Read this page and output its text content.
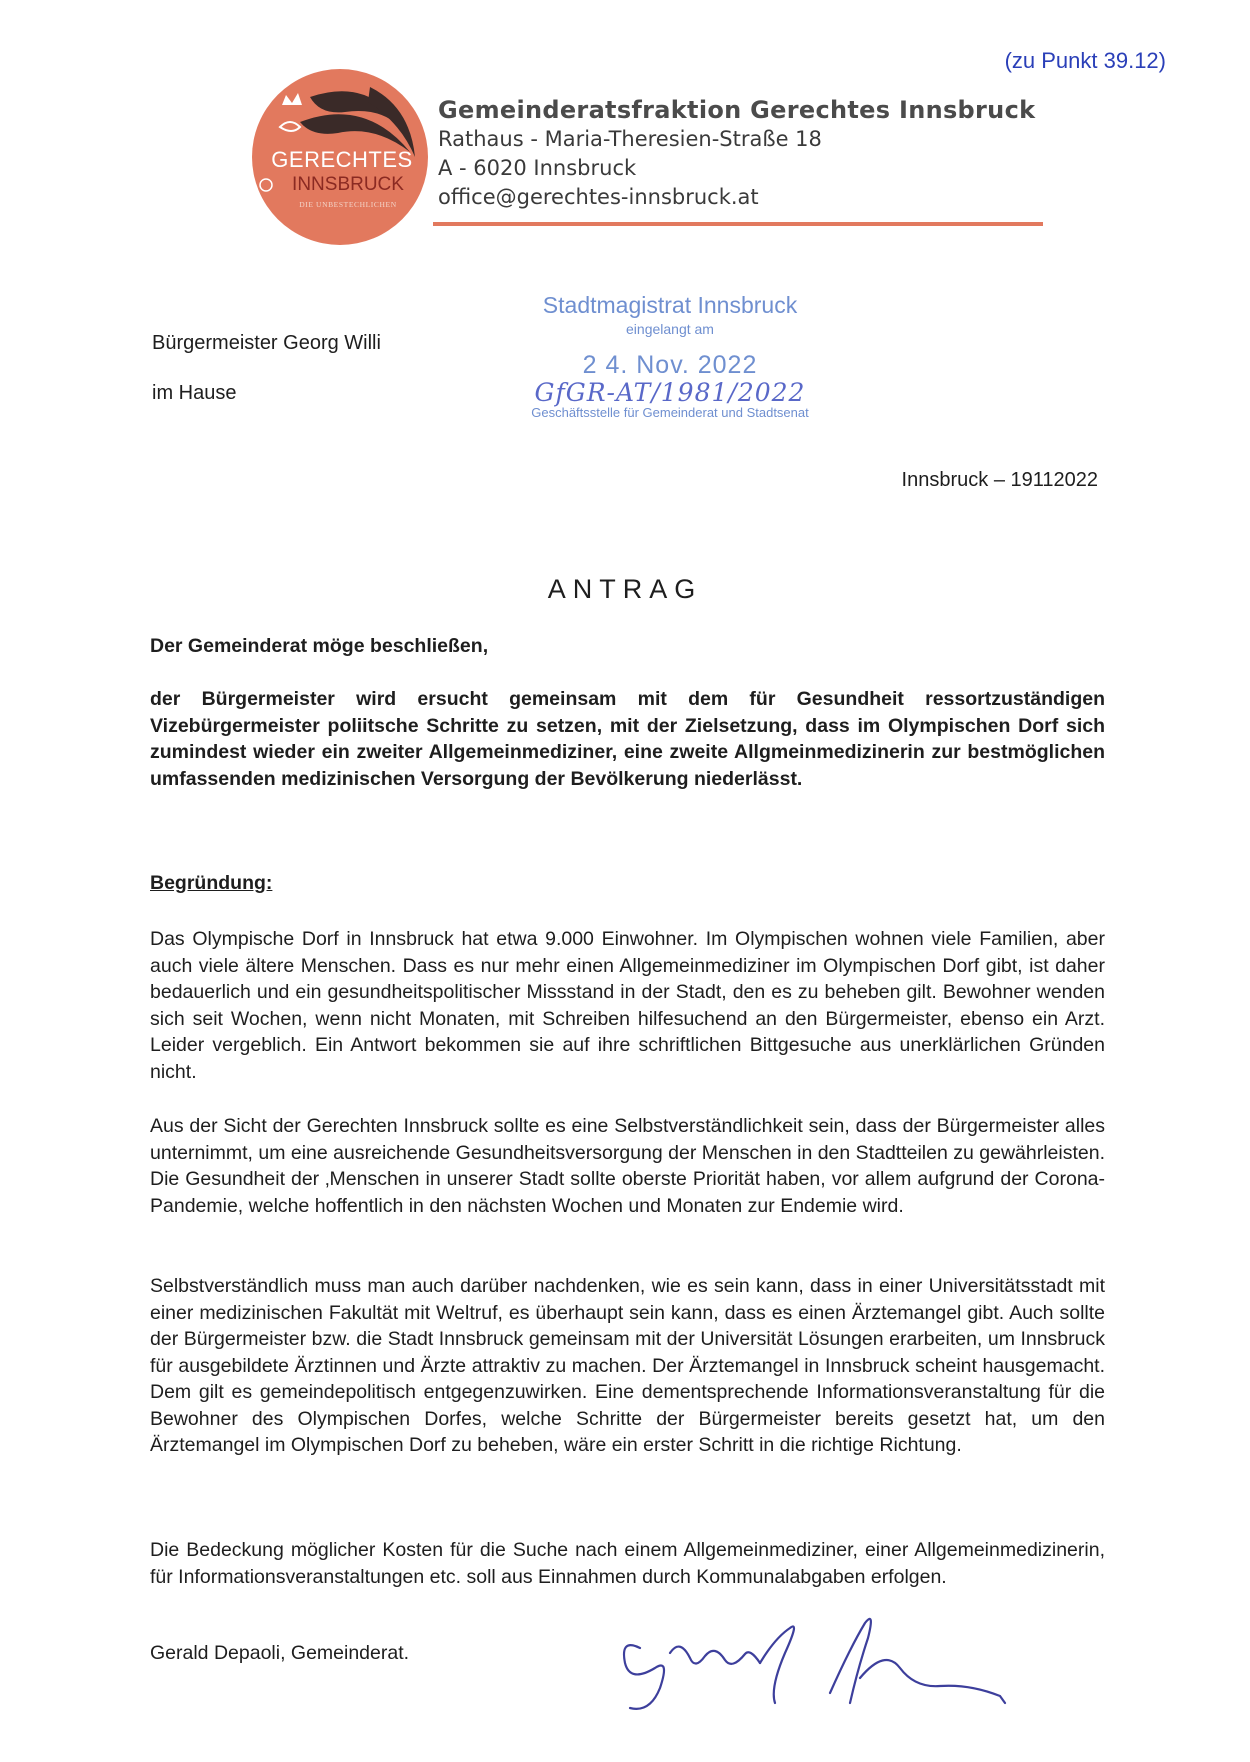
(zu Punkt 39.12)
GERECHTES
INNSBRUCK
DIE UNBESTECHLICHEN
Gemeinderatsfraktion Gerechtes Innsbruck
Rathaus - Maria-Theresien-Straße 18
A - 6020 Innsbruck
office@gerechtes-innsbruck.at
Bürgermeister Georg Willi
im Hause
Stadtmagistrat Innsbruck
eingelangt am
2 4. Nov. 2022
GfGR-AT/1981/2022
Geschäftsstelle für Gemeinderat und Stadtsenat
Innsbruck – 19112022
ANTRAG
Der Gemeinderat möge beschließen,
der Bürgermeister wird ersucht gemeinsam mit dem für Gesundheit ressortzuständigen Vizebürgermeister poliitsche Schritte zu setzen, mit der Zielsetzung, dass im Olympischen Dorf sich zumindest wieder ein zweiter Allgemeinmediziner, eine zweite Allgmeinmedizinerin zur bestmöglichen umfassenden medizinischen Versorgung der Bevölkerung niederlässt.
Begründung:
Das Olympische Dorf in Innsbruck hat etwa 9.000 Einwohner. Im Olympischen wohnen viele Familien, aber auch viele ältere Menschen. Dass es nur mehr einen Allgemeinmediziner im Olympischen Dorf gibt, ist daher bedauerlich und ein gesundheitspolitischer Missstand in der Stadt, den es zu beheben gilt. Bewohner wenden sich seit Wochen, wenn nicht Monaten, mit Schreiben hilfesuchend an den Bürgermeister, ebenso ein Arzt. Leider vergeblich. Ein Antwort bekommen sie auf ihre schriftlichen Bittgesuche aus unerklärlichen Gründen nicht.
Aus der Sicht der Gerechten Innsbruck sollte es eine Selbstverständlichkeit sein, dass der Bürgermeister alles unternimmt, um eine ausreichende Gesundheitsversorgung der Menschen in den Stadtteilen zu gewährleisten. Die Gesundheit der ‚Menschen in unserer Stadt sollte oberste Priorität haben, vor allem aufgrund der Corona-Pandemie, welche hoffentlich in den nächsten Wochen und Monaten zur Endemie wird.
Selbstverständlich muss man auch darüber nachdenken, wie es sein kann, dass in einer Universitätsstadt mit einer medizinischen Fakultät mit Weltruf, es überhaupt sein kann, dass es einen Ärztemangel gibt. Auch sollte der Bürgermeister bzw. die Stadt Innsbruck gemeinsam mit der Universität Lösungen erarbeiten, um Innsbruck für ausgebildete Ärztinnen und Ärzte attraktiv zu machen. Der Ärztemangel in Innsbruck scheint hausgemacht. Dem gilt es gemeindepolitisch entgegenzuwirken. Eine dementsprechende Informationsveranstaltung für die Bewohner des Olympischen Dorfes, welche Schritte der Bürgermeister bereits gesetzt hat, um den Ärztemangel im Olympischen Dorf zu beheben, wäre ein erster Schritt in die richtige Richtung.
Die Bedeckung möglicher Kosten für die Suche nach einem Allgemeinmediziner, einer Allgemeinmedizinerin, für Informationsveranstaltungen etc. soll aus Einnahmen durch Kommunalabgaben erfolgen.
Gerald Depaoli, Gemeinderat.
